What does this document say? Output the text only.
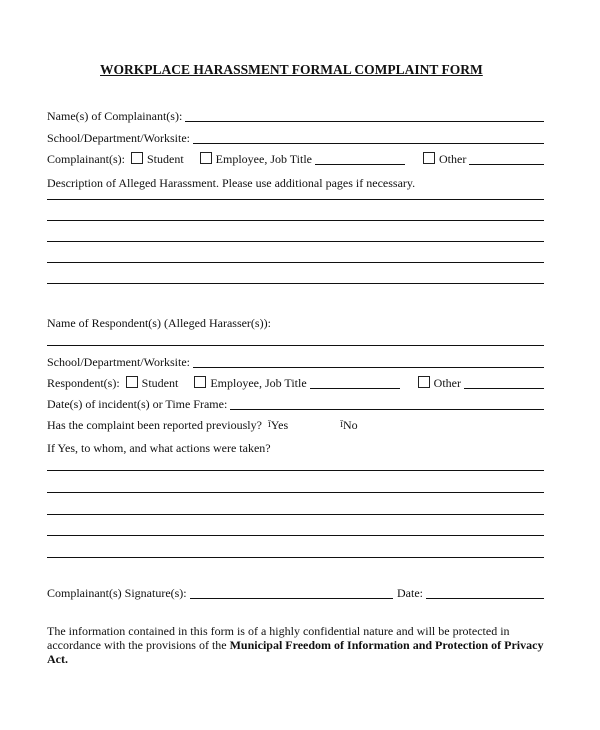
WORKPLACE HARASSMENT FORMAL COMPLAINT FORM
Name(s) of Complainant(s):
School/Department/Worksite:
Complainant(s):	Student	Employee, Job Title	Other
Description of Alleged Harassment. Please use additional pages if necessary.
Name of Respondent(s) (Alleged Harasser(s)):
School/Department/Worksite:
Respondent(s):	Student	Employee, Job Title	Other
Date(s) of incident(s) or Time Frame:
Has the complaint been reported previously? ǐYes	ǐNo
If Yes, to whom, and what actions were taken?
Complainant(s) Signature(s):	Date:
The information contained in this form is of a highly confidential nature and will be protected in accordance with the provisions of the Municipal Freedom of Information and Protection of Privacy Act.
